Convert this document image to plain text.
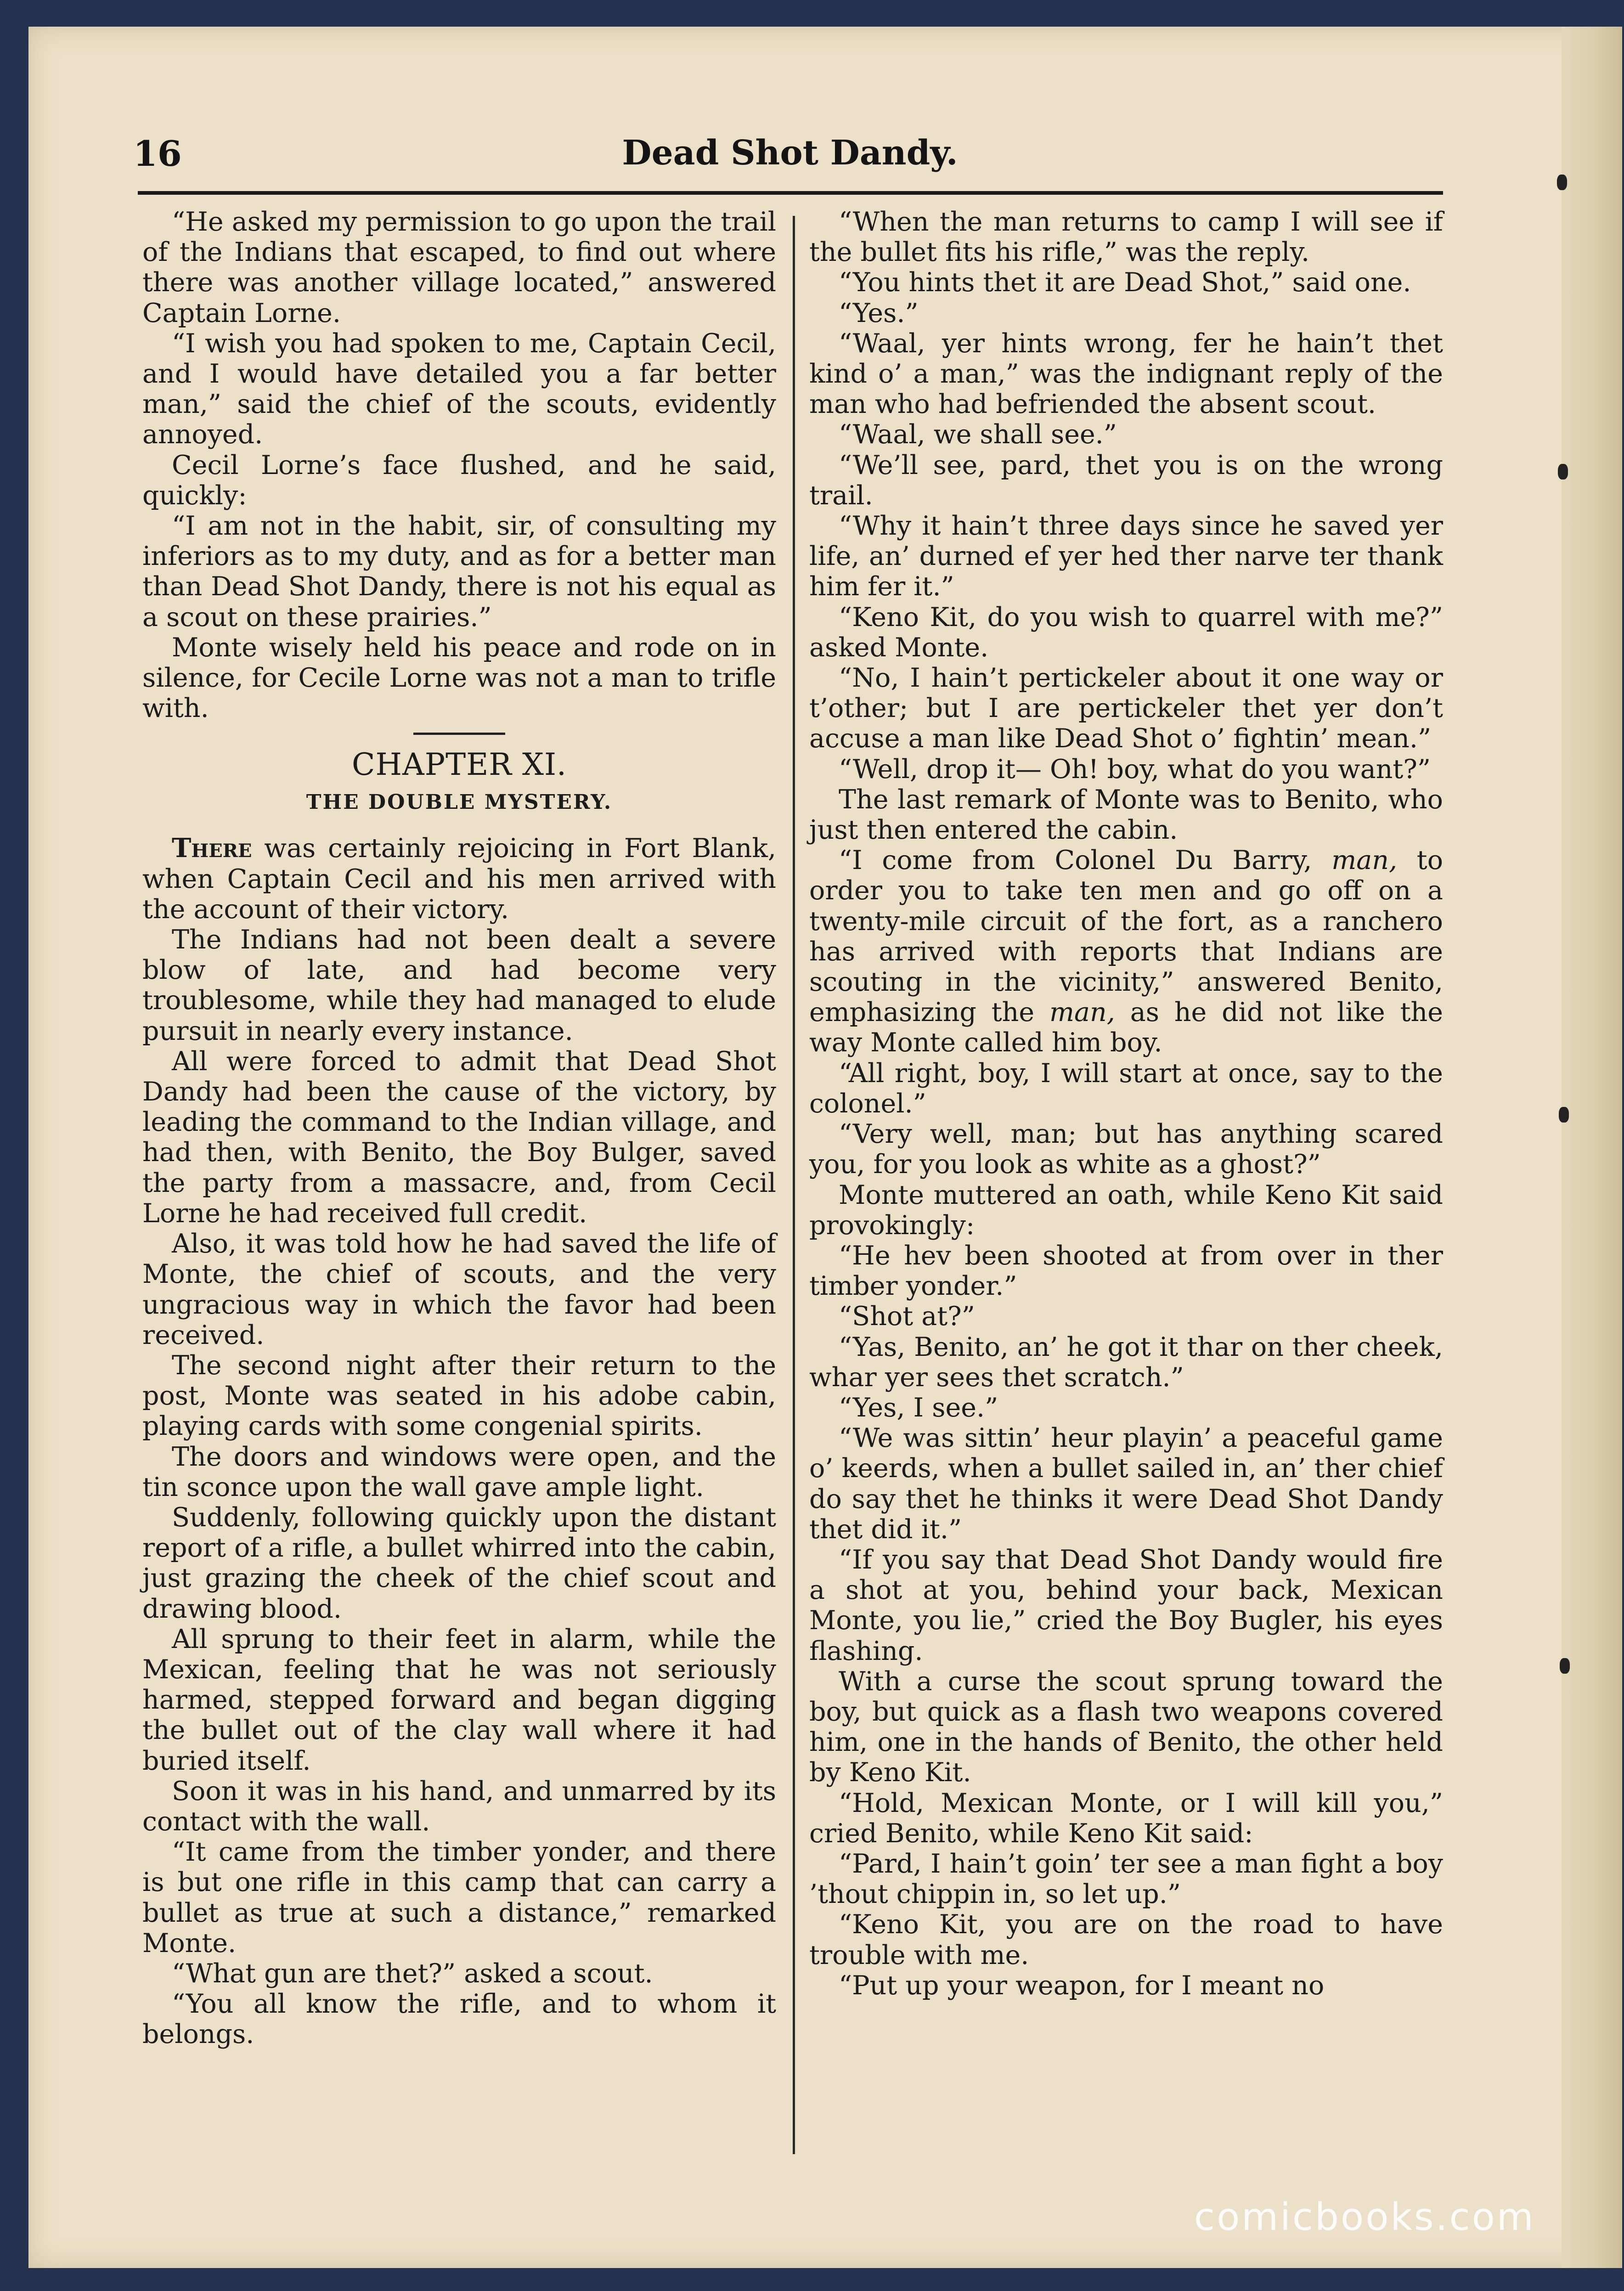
16	Dead Shot Dandy.

“He asked my permission to go upon the trail of the Indians that escaped, to find out where there was another village located,” answered Captain Lorne.

“I wish you had spoken to me, Captain Cecil, and I would have detailed you a far better man,” said the chief of the scouts, evidently annoyed.

Cecil Lorne’s face flushed, and he said, quickly:

“I am not in the habit, sir, of consulting my inferiors as to my duty, and as for a better man than Dead Shot Dandy, there is not his equal as a scout on these prairies.”

Monte wisely held his peace and rode on in silence, for Cecile Lorne was not a man to trifle with.

CHAPTER XI.
THE DOUBLE MYSTERY.

There was certainly rejoicing in Fort Blank, when Captain Cecil and his men arrived with the account of their victory.

The Indians had not been dealt a severe blow of late, and had become very troublesome, while they had managed to elude pursuit in nearly every instance.

All were forced to admit that Dead Shot Dandy had been the cause of the victory, by leading the command to the Indian village, and had then, with Benito, the Boy Bulger, saved the party from a massacre, and, from Cecil Lorne he had received full credit.

Also, it was told how he had saved the life of Monte, the chief of scouts, and the very ungracious way in which the favor had been received.

The second night after their return to the post, Monte was seated in his adobe cabin, playing cards with some congenial spirits.

The doors and windows were open, and the tin sconce upon the wall gave ample light.

Suddenly, following quickly upon the distant report of a rifle, a bullet whirred into the cabin, just grazing the cheek of the chief scout and drawing blood.

All sprung to their feet in alarm, while the Mexican, feeling that he was not seriously harmed, stepped forward and began digging the bullet out of the clay wall where it had buried itself.

Soon it was in his hand, and unmarred by its contact with the wall.

“It came from the timber yonder, and there is but one rifle in this camp that can carry a bullet as true at such a distance,” remarked Monte.

“What gun are thet?” asked a scout.

“You all know the rifle, and to whom it belongs.

“When the man returns to camp I will see if the bullet fits his rifle,” was the reply.

“You hints thet it are Dead Shot,” said one.

“Yes.”

“Waal, yer hints wrong, fer he hain’t thet kind o’ a man,” was the indignant reply of the man who had befriended the absent scout.

“Waal, we shall see.”

“We’ll see, pard, thet you is on the wrong trail.

“Why it hain’t three days since he saved yer life, an’ durned ef yer hed ther narve ter thank him fer it.”

“Keno Kit, do you wish to quarrel with me?” asked Monte.

“No, I hain’t pertickeler about it one way or t’other; but I are pertickeler thet yer don’t accuse a man like Dead Shot o’ fightin’ mean.”

“Well, drop it— Oh! boy, what do you want?”

The last remark of Monte was to Benito, who just then entered the cabin.

“I come from Colonel Du Barry, man, to order you to take ten men and go off on a twenty-mile circuit of the fort, as a ranchero has arrived with reports that Indians are scouting in the vicinity,” answered Benito, emphasizing the man, as he did not like the way Monte called him boy.

“All right, boy, I will start at once, say to the colonel.”

“Very well, man; but has anything scared you, for you look as white as a ghost?”

Monte muttered an oath, while Keno Kit said provokingly:

“He hev been shooted at from over in ther timber yonder.”

“Shot at?”

“Yas, Benito, an’ he got it thar on ther cheek, whar yer sees thet scratch.”

“Yes, I see.”

“We was sittin’ heur playin’ a peaceful game o’ keerds, when a bullet sailed in, an’ ther chief do say thet he thinks it were Dead Shot Dandy thet did it.”

“If you say that Dead Shot Dandy would fire a shot at you, behind your back, Mexican Monte, you lie,” cried the Boy Bugler, his eyes flashing.

With a curse the scout sprung toward the boy, but quick as a flash two weapons covered him, one in the hands of Benito, the other held by Keno Kit.

“Hold, Mexican Monte, or I will kill you,” cried Benito, while Keno Kit said:

“Pard, I hain’t goin’ ter see a man fight a boy ’thout chippin in, so let up.”

“Keno Kit, you are on the road to have trouble with me.

“Put up your weapon, for I meant no

comicbooks.com
